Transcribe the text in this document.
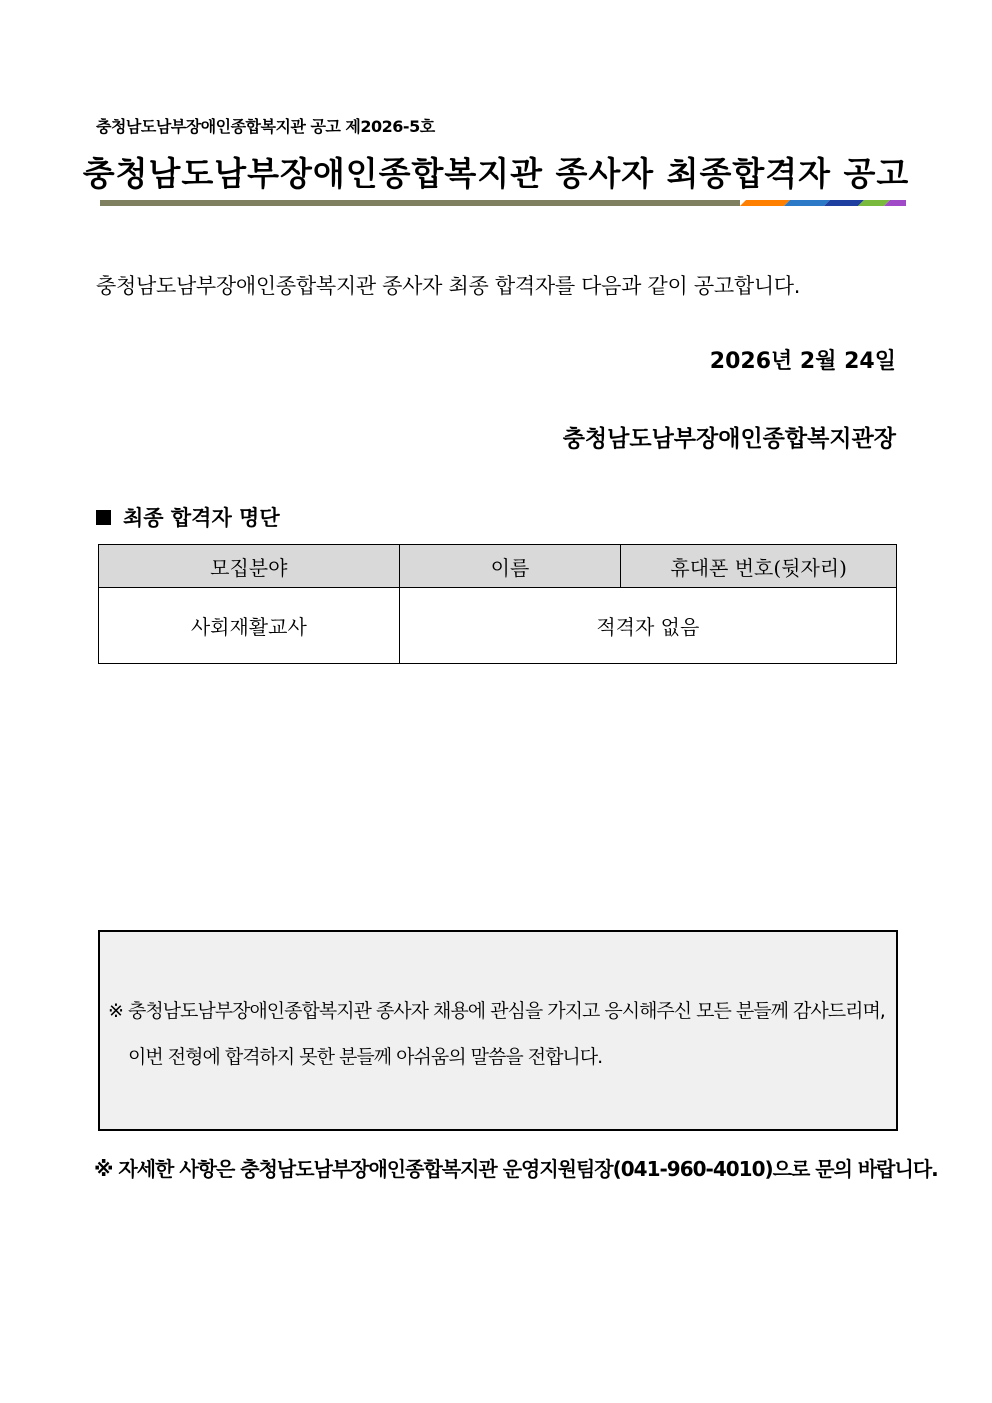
충청남도남부장애인종합복지관 공고 제2026-5호
충청남도남부장애인종합복지관 종사자 최종합격자 공고
충청남도남부장애인종합복지관 종사자 최종 합격자를 다음과 같이 공고합니다.
2026년 2월 24일
충청남도남부장애인종합복지관장
최종 합격자 명단
모집분야	이름	휴대폰 번호(뒷자리)
사회재활교사	적격자 없음	
※ 충청남도남부장애인종합복지관 종사자 채용에 관심을 가지고 응시해주신 모든 분들께 감사드리며,
이번 전형에 합격하지 못한 분들께 아쉬움의 말씀을 전합니다.
※ 자세한 사항은 충청남도남부장애인종합복지관 운영지원팀장(041-960-4010)으로 문의 바랍니다.
